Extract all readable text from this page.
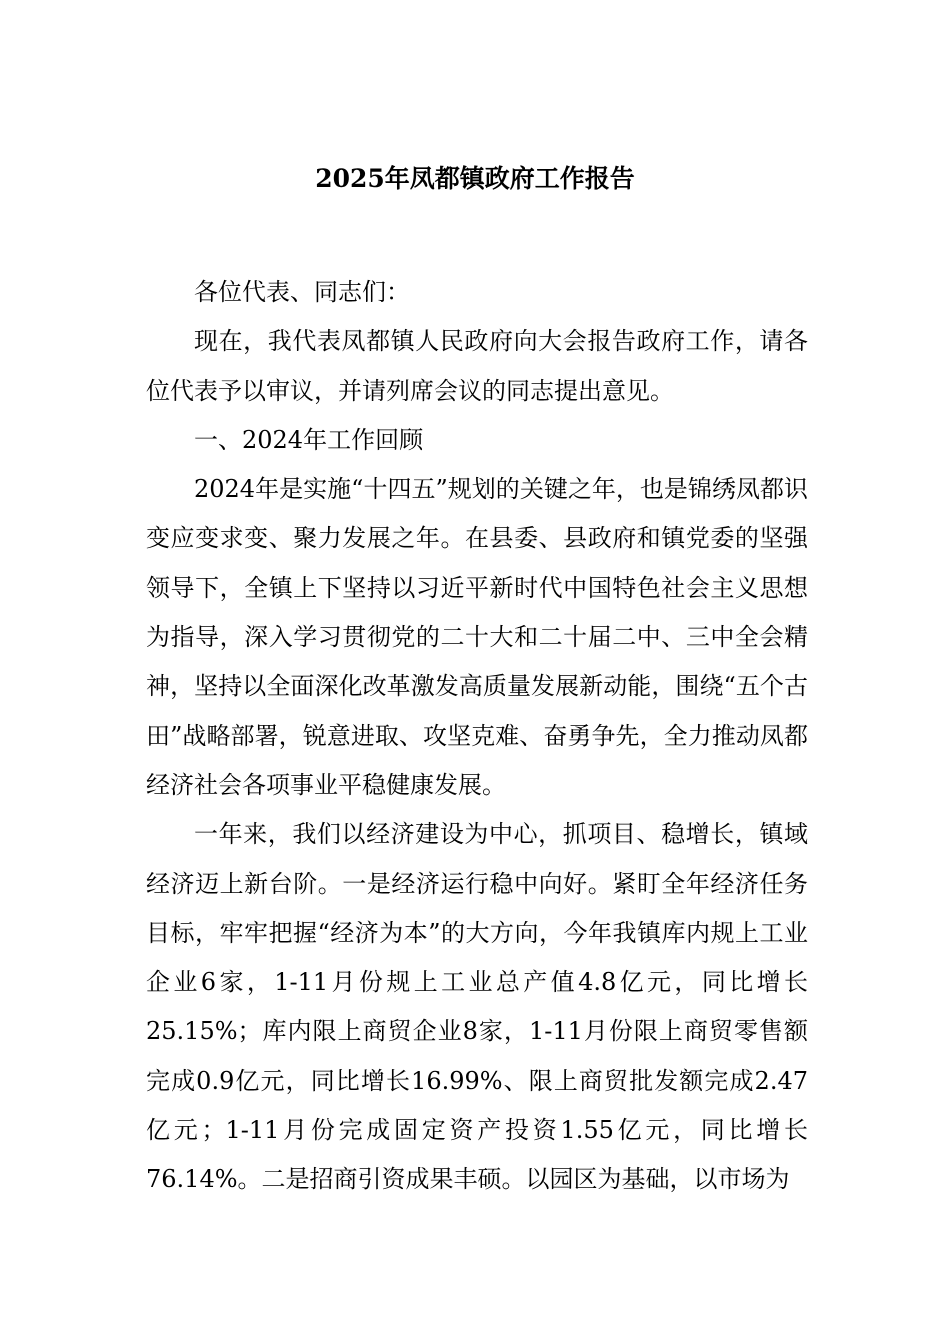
2025年凤都镇政府工作报告

各位代表、同志们：

现在，我代表凤都镇人民政府向大会报告政府工作，请各位代表予以审议，并请列席会议的同志提出意见。

一、2024年工作回顾

2024年是实施“十四五”规划的关键之年，也是锦绣凤都识变应变求变、聚力发展之年。在县委、县政府和镇党委的坚强领导下，全镇上下坚持以习近平新时代中国特色社会主义思想为指导，深入学习贯彻党的二十大和二十届二中、三中全会精神，坚持以全面深化改革激发高质量发展新动能，围绕“五个古田”战略部署，锐意进取、攻坚克难、奋勇争先，全力推动凤都经济社会各项事业平稳健康发展。

一年来，我们以经济建设为中心，抓项目、稳增长，镇域经济迈上新台阶。一是经济运行稳中向好。紧盯全年经济任务目标，牢牢把握“经济为本”的大方向，今年我镇库内规上工业企业6家，1-11月份规上工业总产值4.8亿元，同比增长25.15%；库内限上商贸企业8家，1-11月份限上商贸零售额完成0.9亿元，同比增长16.99%、限上商贸批发额完成2.47亿元；1-11月份完成固定资产投资1.55亿元，同比增长76.14%。二是招商引资成果丰硕。以园区为基础，以市场为
